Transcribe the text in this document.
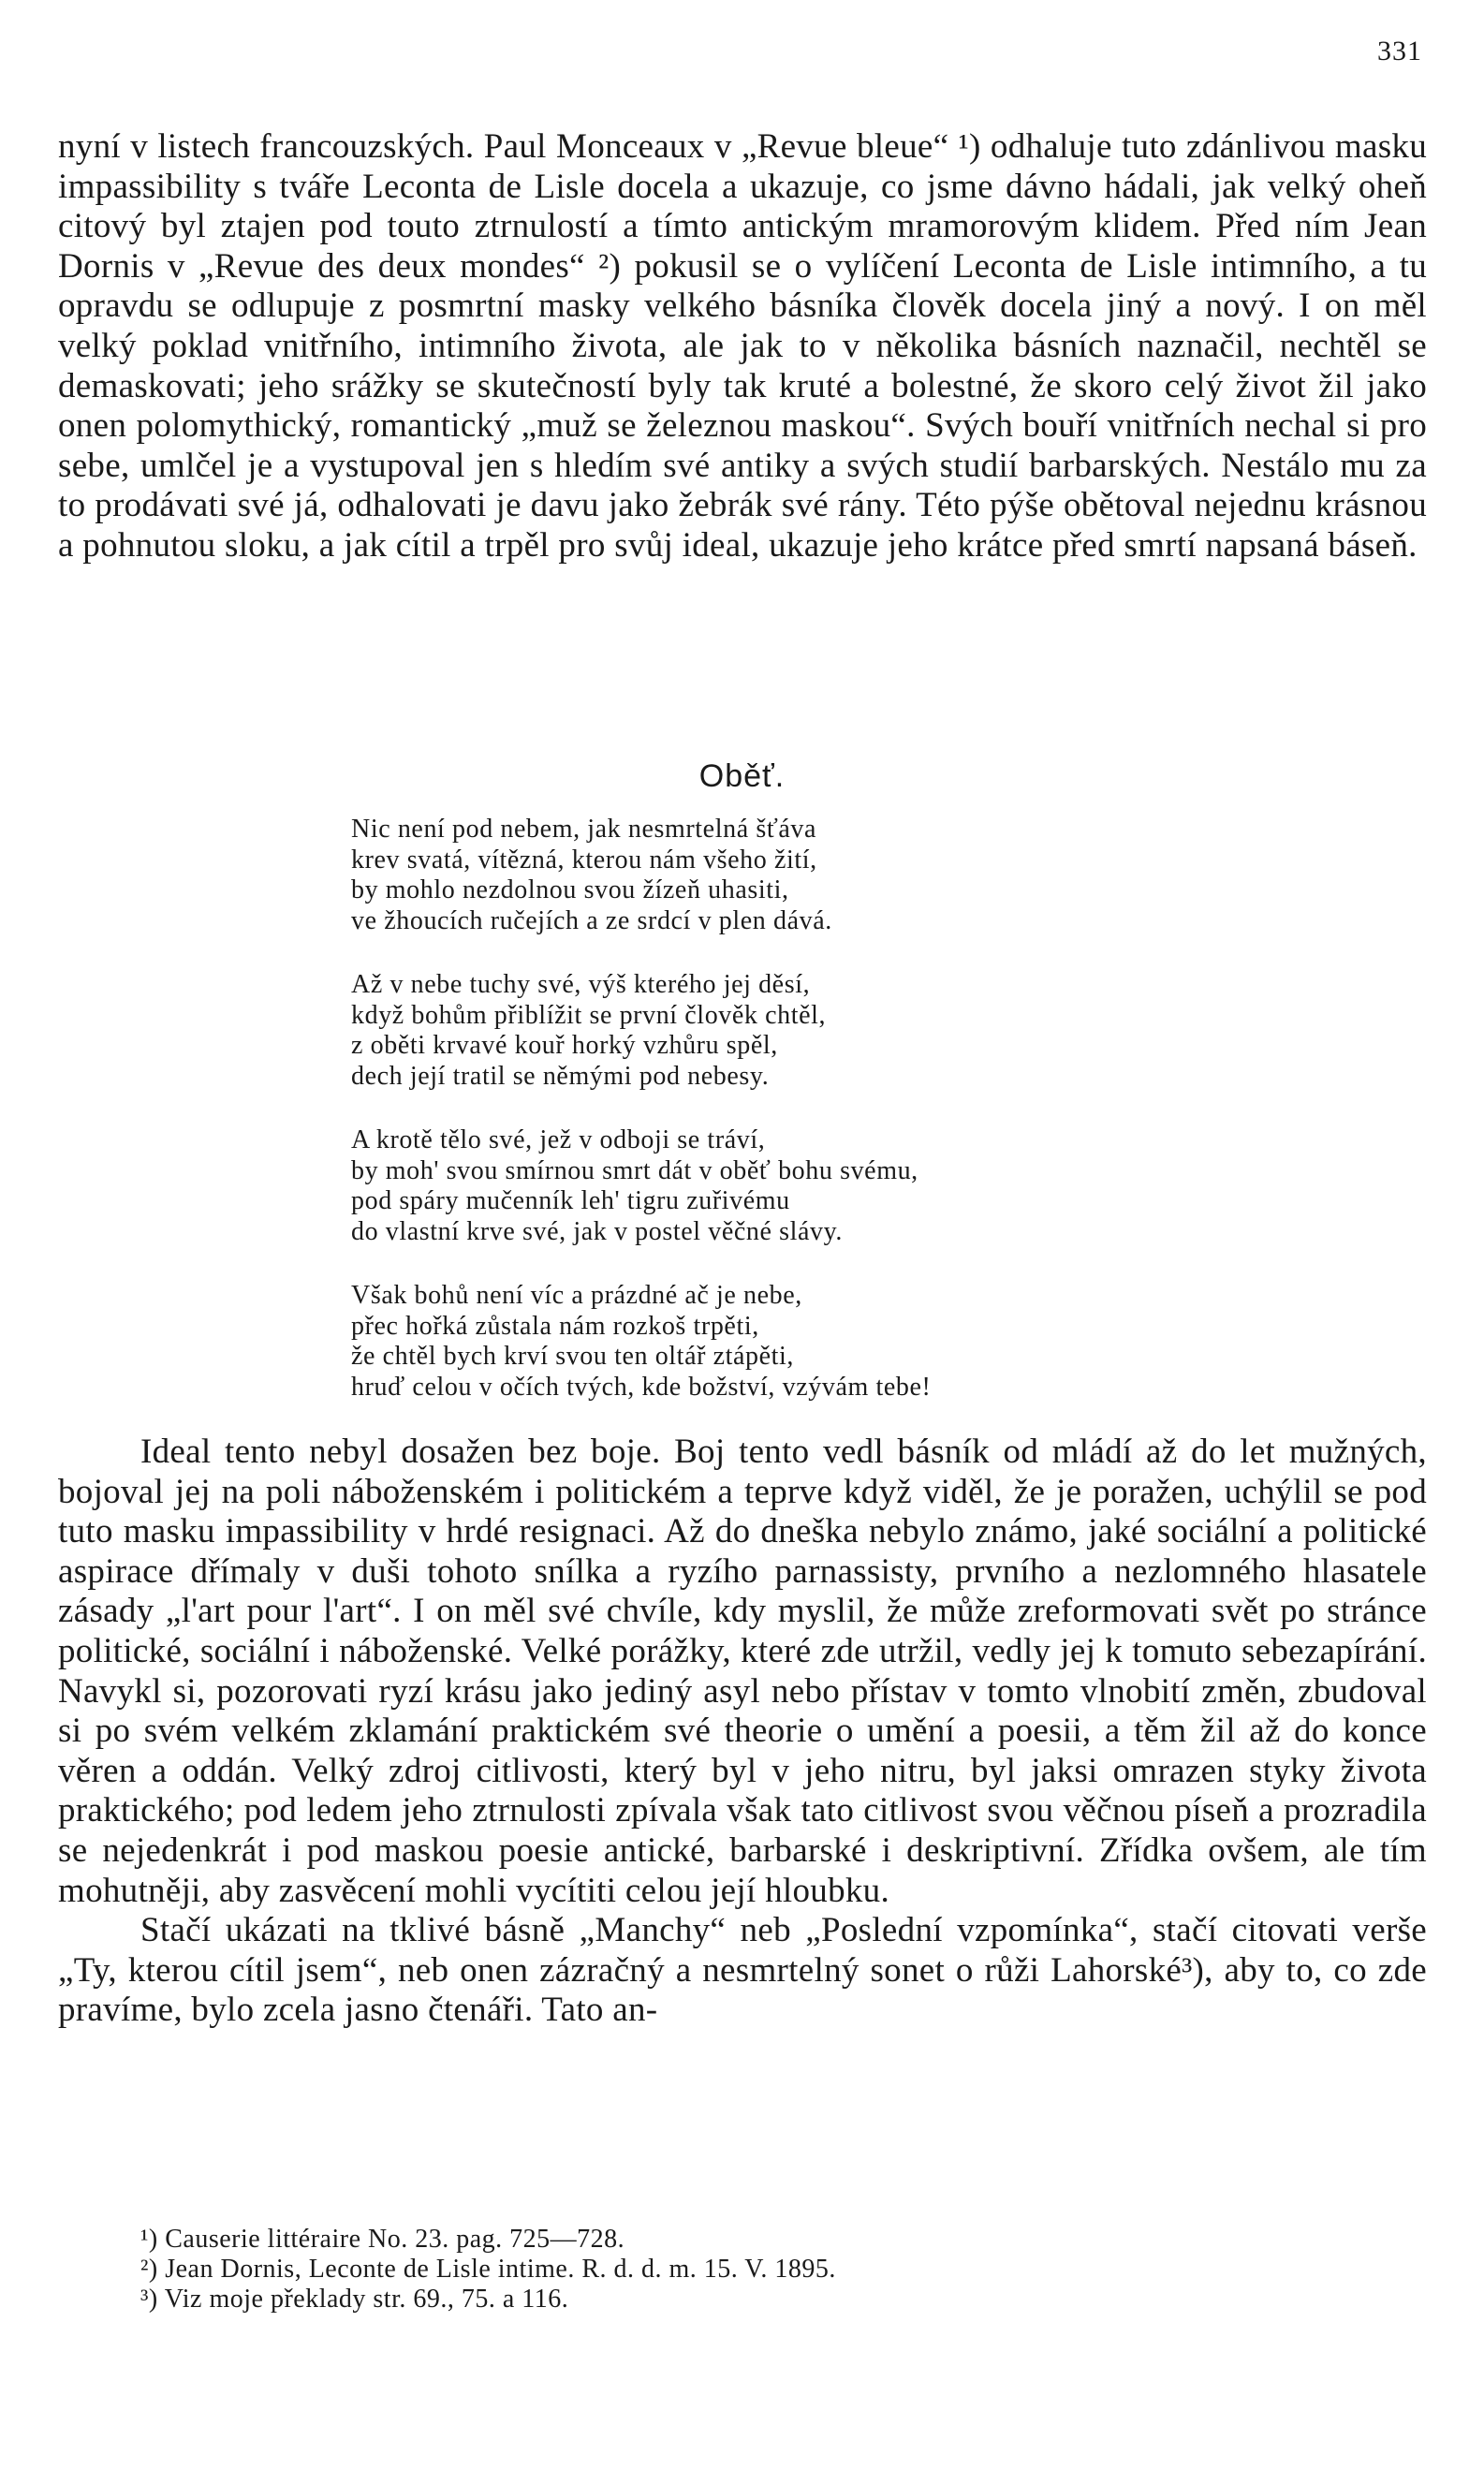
331

nyní v listech francouzských. Paul Monceaux v „Revue bleue“ ¹) odhaluje tuto zdánlivou masku impassibility s tváře Leconta de Lisle docela a ukazuje, co jsme dávno hádali, jak velký oheň citový byl ztajen pod touto ztrnulostí a tímto antickým mramorovým klidem. Před ním Jean Dornis v „Revue des deux mondes“ ²) pokusil se o vylíčení Leconta de Lisle intimního, a tu opravdu se odlupuje z posmrtní masky velkého básníka člověk docela jiný a nový. I on měl velký poklad vnitřního, intimního života, ale jak to v několika básních naznačil, nechtěl se demaskovati; jeho srážky se skutečností byly tak kruté a bolestné, že skoro celý život žil jako onen polomythický, romantický „muž se železnou maskou“. Svých bouří vnitřních nechal si pro sebe, umlčel je a vystupoval jen s hledím své antiky a svých studií barbarských. Nestálo mu za to prodávati své já, odhalovati je davu jako žebrák své rány. Této pýše obětoval nejednu krásnou a pohnutou sloku, a jak cítil a trpěl pro svůj ideal, ukazuje jeho krátce před smrtí napsaná báseň.

Oběť.
Nic není pod nebem, jak nesmrtelná šťáva
krev svatá, vítězná, kterou nám všeho žití,
by mohlo nezdolnou svou žízeň uhasiti,
ve žhoucích ručejích a ze srdcí v plen dává.
Až v nebe tuchy své, výš kterého jej děsí,
když bohům přiblížit se první člověk chtěl,
z oběti krvavé kouř horký vzhůru spěl,
dech její tratil se němými pod nebesy.
A krotě tělo své, jež v odboji se tráví,
by moh' svou smírnou smrt dát v oběť bohu svému,
pod spáry mučenník leh' tigru zuřivému
do vlastní krve své, jak v postel věčné slávy.
Však bohů není víc a prázdné ač je nebe,
přec hořká zůstala nám rozkoš trpěti,
že chtěl bych krví svou ten oltář ztápěti,
hruď celou v očích tvých, kde božství, vzývám tebe!

Ideal tento nebyl dosažen bez boje. Boj tento vedl básník od mládí až do let mužných, bojoval jej na poli náboženském i politickém a teprve když viděl, že je poražen, uchýlil se pod tuto masku impassibility v hrdé resignaci. Až do dneška nebylo známo, jaké sociální a politické aspirace dřímaly v duši tohoto snílka a ryzího parnassisty, prvního a nezlomného hlasatele zásady „l'art pour l'art“. I on měl své chvíle, kdy myslil, že může zreformovati svět po stránce politické, sociální i náboženské. Velké porážky, které zde utržil, vedly jej k tomuto sebezapírání. Navykl si, pozorovati ryzí krásu jako jediný asyl nebo přístav v tomto vlnobití změn, zbudoval si po svém velkém zklamání praktickém své theorie o umění a poesii, a těm žil až do konce věren a oddán. Velký zdroj citlivosti, který byl v jeho nitru, byl jaksi omrazen styky života praktického; pod ledem jeho ztrnulosti zpívala však tato citlivost svou věčnou píseň a prozradila se nejedenkrát i pod maskou poesie antické, barbarské i deskriptivní. Zřídka ovšem, ale tím mohutněji, aby zasvěcení mohli vycítiti celou její hloubku.

Stačí ukázati na tklivé básně „Manchy“ neb „Poslední vzpomínka“, stačí citovati verše „Ty, kterou cítil jsem“, neb onen zázračný a nesmrtelný sonet o růži Lahorské³), aby to, co zde pravíme, bylo zcela jasno čtenáři. Tato an-

¹) Causerie littéraire No. 23. pag. 725—728.
²) Jean Dornis, Leconte de Lisle intime. R. d. d. m. 15. V. 1895.
³) Viz moje překlady str. 69., 75. a 116.
